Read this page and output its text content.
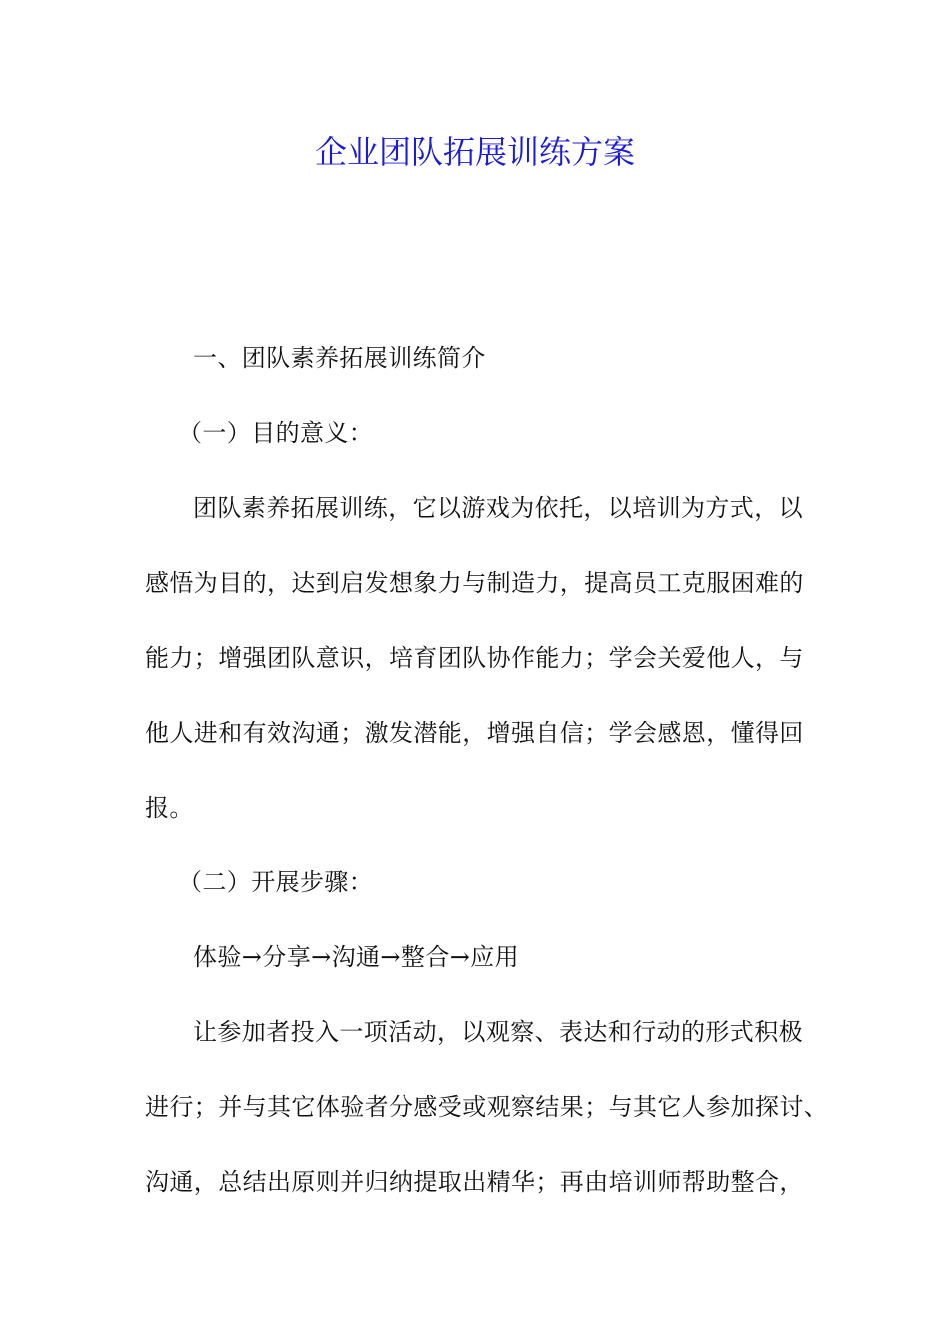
企业团队拓展训练方案
一、团队素养拓展训练简介
（一）目的意义：
团队素养拓展训练，它以游戏为依托，以培训为方式，以
感悟为目的，达到启发想象力与制造力，提高员工克服困难的
能力；增强团队意识，培育团队协作能力；学会关爱他人，与
他人进和有效沟通；激发潜能，增强自信；学会感恩，懂得回
报。
（二）开展步骤：
体验→分享→沟通→整合→应用
让参加者投入一项活动，以观察、表达和行动的形式积极
进行；并与其它体验者分感受或观察结果；与其它人参加探讨、
沟通，总结出原则并归纳提取出精华；再由培训师帮助整合，
